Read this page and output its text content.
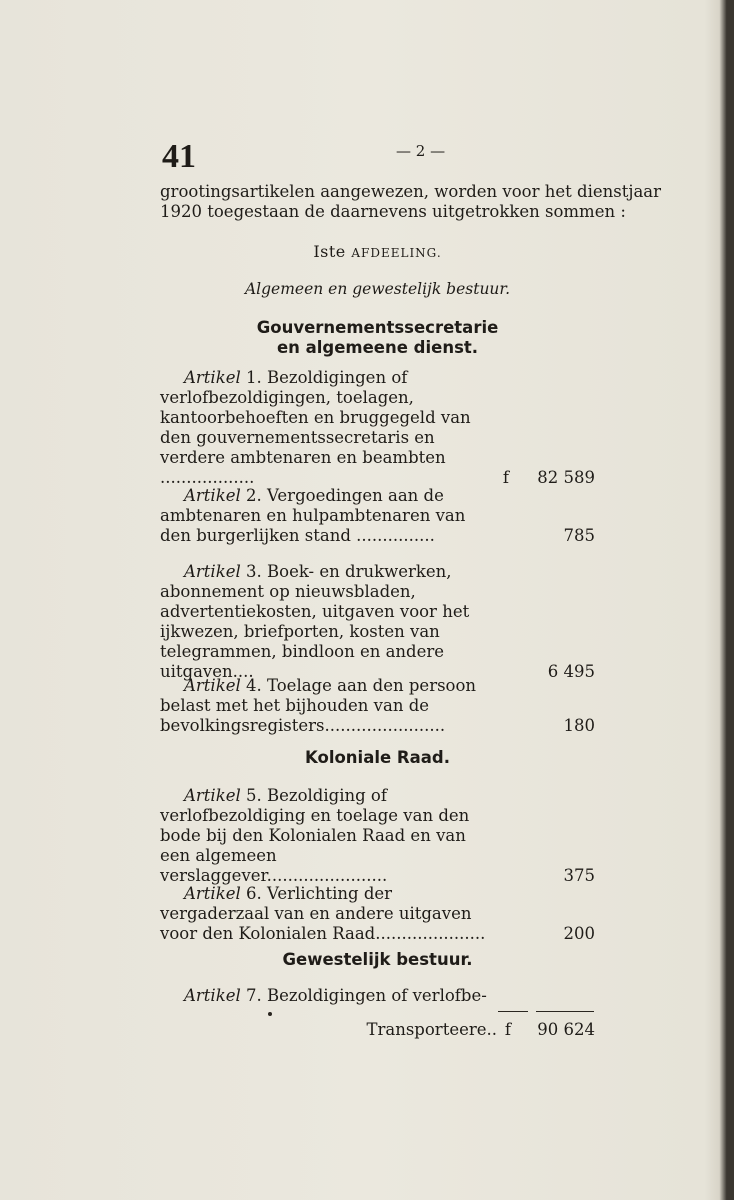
41	— 2 —
grootingsartikelen aangewezen, worden voor het dienstjaar 1920 toegestaan de daarnevens uitgetrokken sommen :
Iste AFDEELING.
Algemeen en gewestelijk bestuur.
Gouvernementssecretarie
en algemeene dienst.
Artikel 1. Bezoldigingen of verlofbezoldigingen, toelagen, kantoorbehoeften en bruggegeld van den gouvernementssecretaris en verdere ambtenaren en beambten ..................	f 82 589
Artikel 2. Vergoedingen aan de ambtenaren en hulpambtenaren van den burgerlijken stand ...............	785
Artikel 3. Boek- en drukwerken, abonnement op nieuwsbladen, advertentiekosten, uitgaven voor het ijkwezen, briefporten, kosten van telegrammen, bindloon en andere uitgaven....	6 495
Artikel 4. Toelage aan den persoon belast met het bijhouden van de bevolkingsregisters.......................	180
Koloniale Raad.
Artikel 5. Bezoldiging of verlofbezoldiging en toelage van den bode bij den Kolonialen Raad en van een algemeen verslaggever.......................	375
Artikel 6. Verlichting der vergaderzaal van en andere uitgaven voor den Kolonialen Raad.....................	200
Gewestelijk bestuur.
Artikel 7. Bezoldigingen of verlofbe-
Transporteere.. f 90 624
